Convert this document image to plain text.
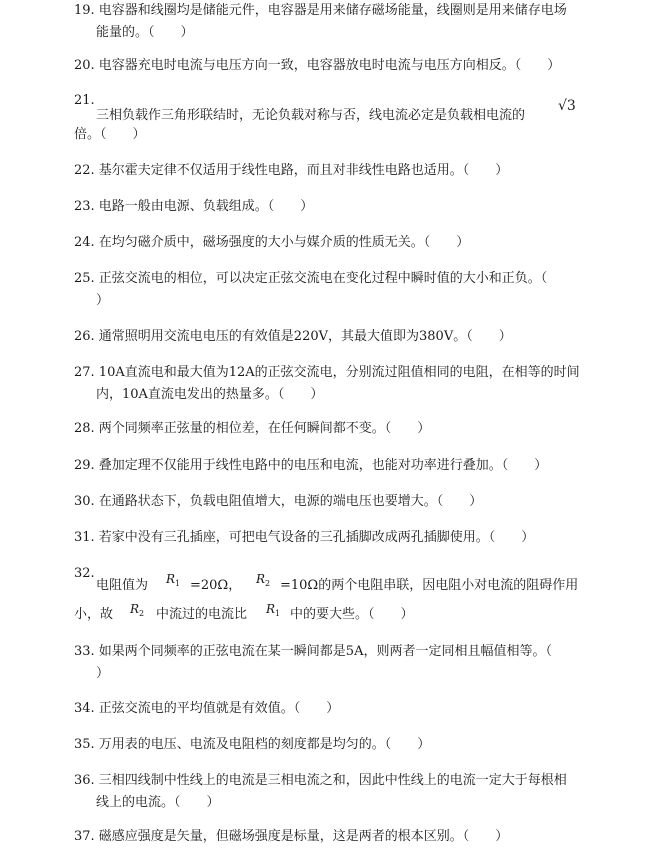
19. 电容器和线圈均是储能元件，电容器是用来储存磁场能量，线圈则是用来储存电场
能量的。（　　）
20. 电容器充电时电流与电压方向一致，电容器放电时电流与电压方向相反。（　　）
21.
三相负载作三角形联结时，无论负载对称与否，线电流必定是负载相电流的
√3
倍。（　　）
22. 基尔霍夫定律不仅适用于线性电路，而且对非线性电路也适用。（　　）
23. 电路一般由电源、负载组成。（　　）
24. 在均匀磁介质中，磁场强度的大小与媒介质的性质无关。（　　）
25. 正弦交流电的相位，可以决定正弦交流电在变化过程中瞬时值的大小和正负。（
）
26. 通常照明用交流电电压的有效值是220V，其最大值即为380V。（　　）
27. 10A直流电和最大值为12A的正弦交流电，分别流过阻值相同的电阻，在相等的时间
内，10A直流电发出的热量多。（　　）
28. 两个同频率正弦量的相位差，在任何瞬间都不变。（　　）
29. 叠加定理不仅能用于线性电路中的电压和电流，也能对功率进行叠加。（　　）
30. 在通路状态下，负载电阻值增大，电源的端电压也要增大。（　　）
31. 若家中没有三孔插座，可把电气设备的三孔插脚改成两孔插脚使用。（　　）
32.
电阻值为 $R_1 =20\Omega$， $R_2 =10\Omega$的两个电阻串联，因电阻小对电流的阻碍作用
小，故 $R_2$ 中流过的电流比 $R_1$ 中的要大些。（　　）
33. 如果两个同频率的正弦电流在某一瞬间都是5A，则两者一定同相且幅值相等。（
）
34. 正弦交流电的平均值就是有效值。（　　）
35. 万用表的电压、电流及电阻档的刻度都是均匀的。（　　）
36. 三相四线制中性线上的电流是三相电流之和，因此中性线上的电流一定大于每根相
线上的电流。（　　）
37. 磁感应强度是矢量，但磁场强度是标量，这是两者的根本区别。（　　）
